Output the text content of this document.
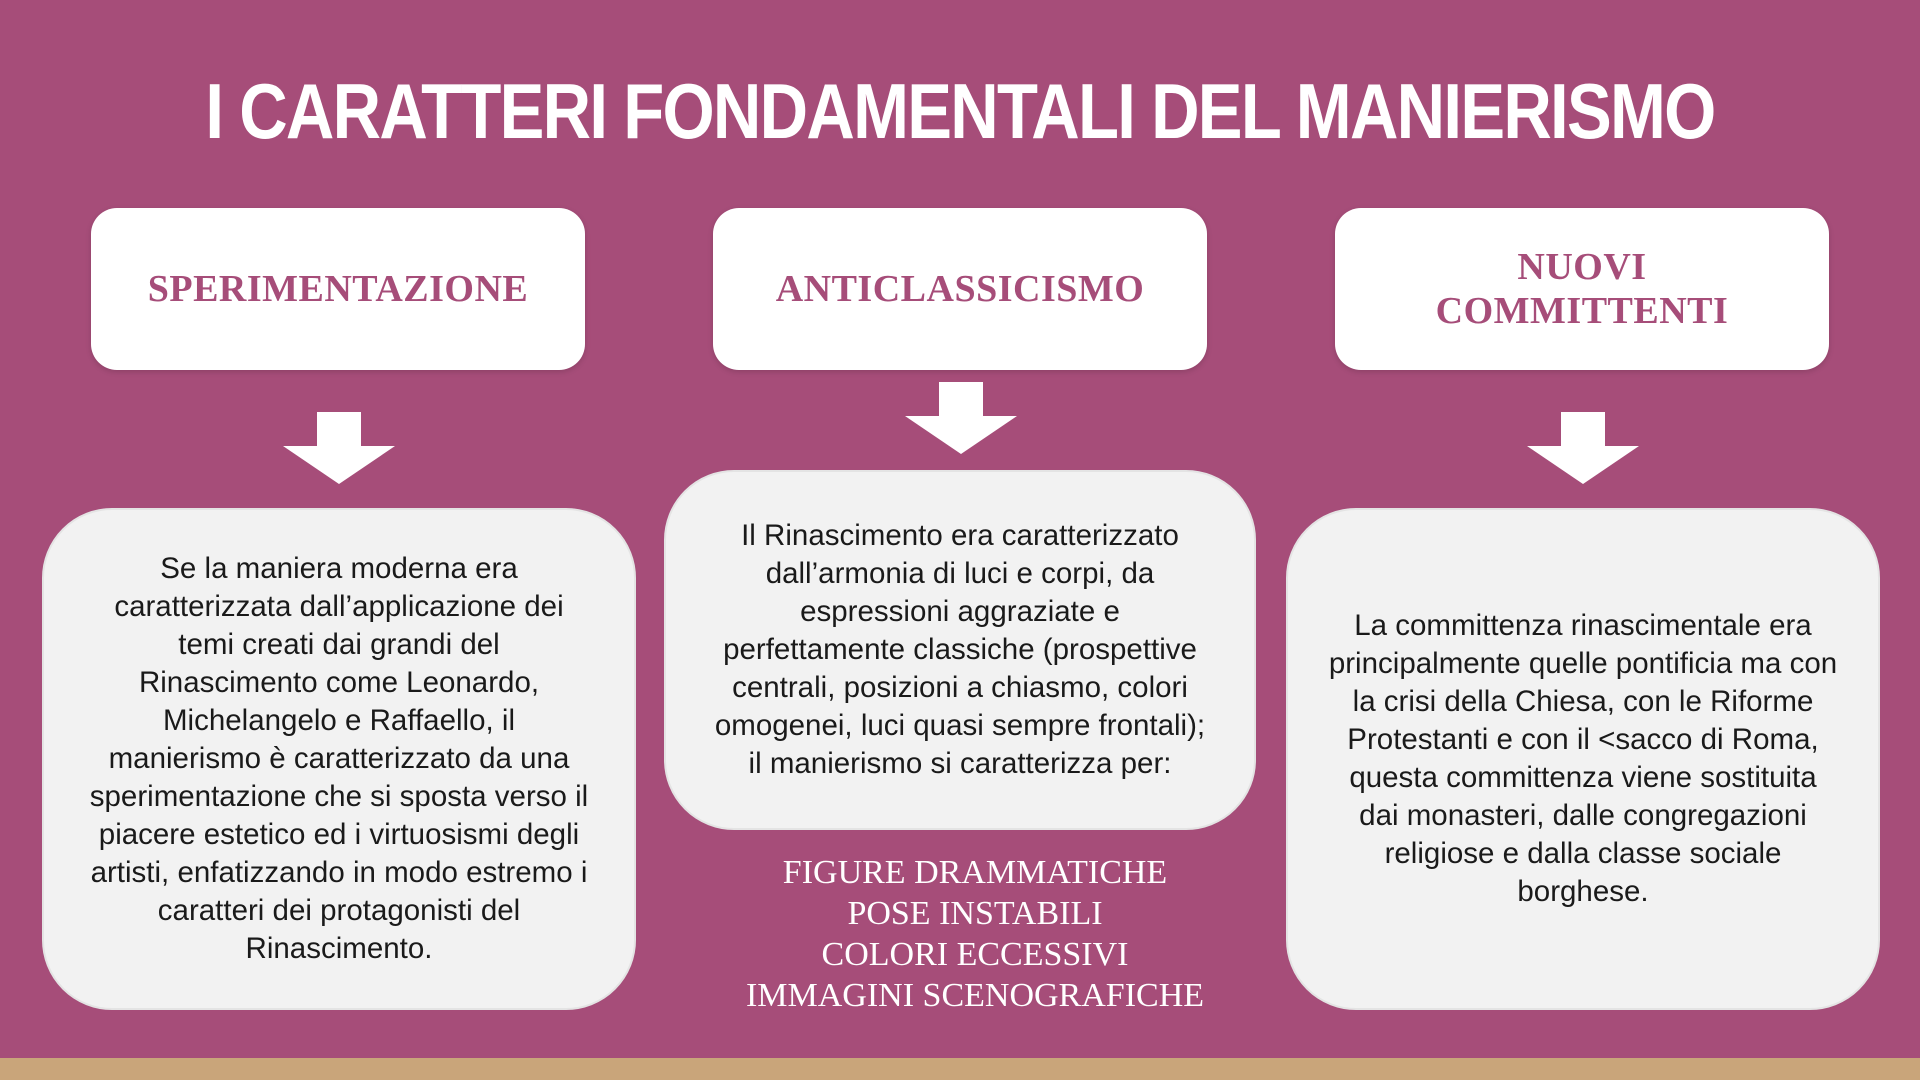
I CARATTERI FONDAMENTALI DEL MANIERISMO
SPERIMENTAZIONE

Se la maniera moderna era caratterizzata dall’applicazione dei temi creati dai grandi del Rinascimento come Leonardo, Michelangelo e Raffaello, il manierismo è caratterizzato da una sperimentazione che si sposta verso il piacere estetico ed i virtuosismi degli artisti, enfatizzando in modo estremo i caratteri dei protagonisti del Rinascimento.

ANTICLASSICISMO

Il Rinascimento era caratterizzato dall’armonia di luci e corpi, da espressioni aggraziate e perfettamente classiche (prospettive centrali, posizioni a chiasmo, colori omogenei, luci quasi sempre frontali); il manierismo si caratterizza per:

FIGURE DRAMMATICHE
POSE INSTABILI
COLORI ECCESSIVI
IMMAGINI SCENOGRAFICHE
NUOVI
COMMITTENTI

La committenza rinascimentale era principalmente quelle pontificia ma con la crisi della Chiesa, con le Riforme Protestanti e con il <sacco di Roma, questa committenza viene sostituita dai monasteri, dalle congregazioni religiose e dalla classe sociale borghese.
